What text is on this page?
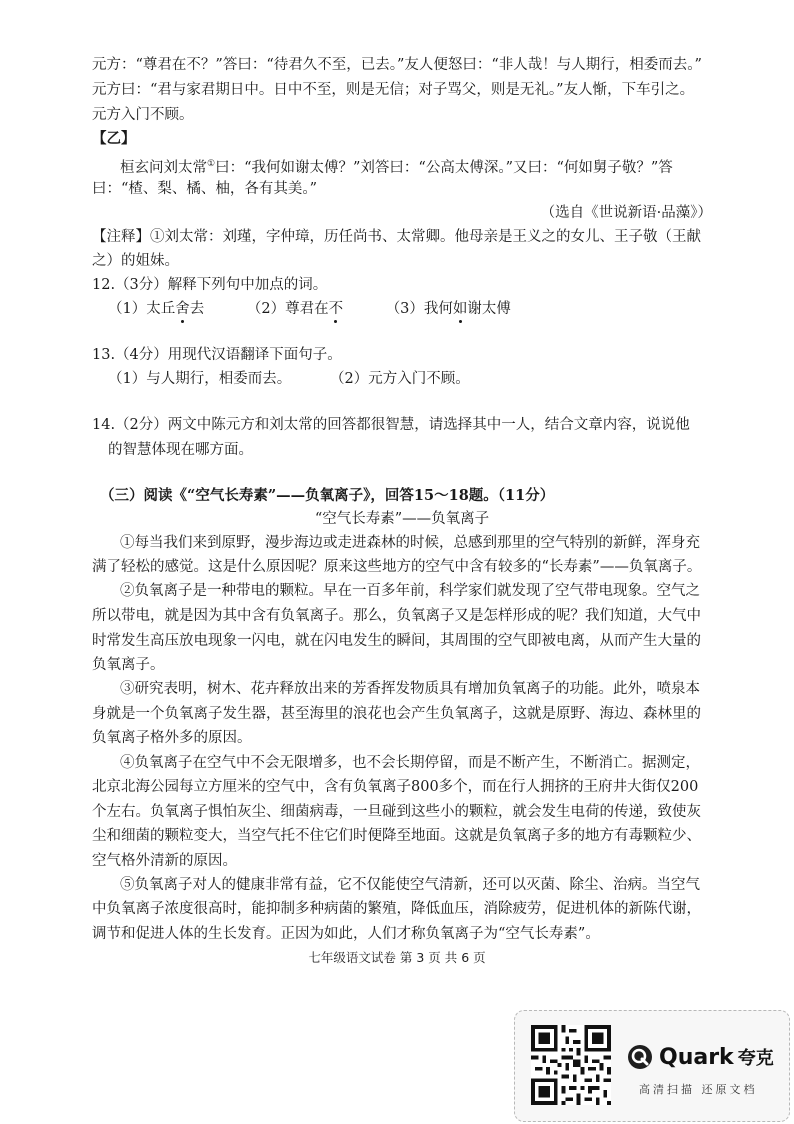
元方：“尊君在不？”答曰：“待君久不至，已去。”友人便怒曰：“非人哉！与人期行，相委而去。”
元方曰：“君与家君期日中。日中不至，则是无信；对子骂父，则是无礼。”友人惭，下车引之。
元方入门不顾。
【乙】
桓玄问刘太常①曰：“我何如谢太傅？”刘答曰：“公高太傅深。”又曰：“何如舅子敬？”答
曰：“楂、梨、橘、柚，各有其美。”
（选自《世说新语·品藻》）
【注释】①刘太常：刘瑾，字仲璋，历任尚书、太常卿。他母亲是王义之的女儿、王子敬（王献
之）的姐妹。
12.（3分）解释下列句中加点的词。
（1）太丘舍去	（2）尊君在不	（3）我何如谢太傅
13.（4分）用现代汉语翻译下面句子。
（1）与人期行，相委而去。	（2）元方入门不顾。
14.（2分）两文中陈元方和刘太常的回答都很智慧，请选择其中一人，结合文章内容，说说他
的智慧体现在哪方面。
（三）阅读《“空气长寿素”——负氧离子》，回答15～18题。（11分）
“空气长寿素”——负氧离子
①每当我们来到原野，漫步海边或走进森林的时候，总感到那里的空气特别的新鲜，浑身充
满了轻松的感觉。这是什么原因呢？原来这些地方的空气中含有较多的“长寿素”——负氧离子。
②负氧离子是一种带电的颗粒。早在一百多年前，科学家们就发现了空气带电现象。空气之
所以带电，就是因为其中含有负氧离子。那么，负氧离子又是怎样形成的呢？我们知道，大气中
时常发生高压放电现象一闪电，就在闪电发生的瞬间，其周围的空气即被电离，从而产生大量的
负氧离子。
③研究表明，树木、花卉释放出来的芳香挥发物质具有增加负氧离子的功能。此外，喷泉本
身就是一个负氧离子发生器，甚至海里的浪花也会产生负氧离子，这就是原野、海边、森林里的
负氧离子格外多的原因。
④负氧离子在空气中不会无限增多，也不会长期停留，而是不断产生，不断消亡。据测定，
北京北海公园每立方厘米的空气中，含有负氧离子800多个，而在行人拥挤的王府井大街仅200
个左右。负氧离子惧怕灰尘、细菌病毒，一旦碰到这些小的颗粒，就会发生电荷的传递，致使灰
尘和细菌的颗粒变大，当空气托不住它们时便降至地面。这就是负氧离子多的地方有毒颗粒少、
空气格外清新的原因。
⑤负氧离子对人的健康非常有益，它不仅能使空气清新，还可以灭菌、除尘、治病。当空气
中负氧离子浓度很高时，能抑制多种病菌的繁殖，降低血压，消除疲劳，促进机体的新陈代谢，
调节和促进人体的生长发育。正因为如此，人们才称负氧离子为“空气长寿素”。
七年级语文试卷 第 3 页 共 6 页
Quark 夸克
高清扫描 还原文档
